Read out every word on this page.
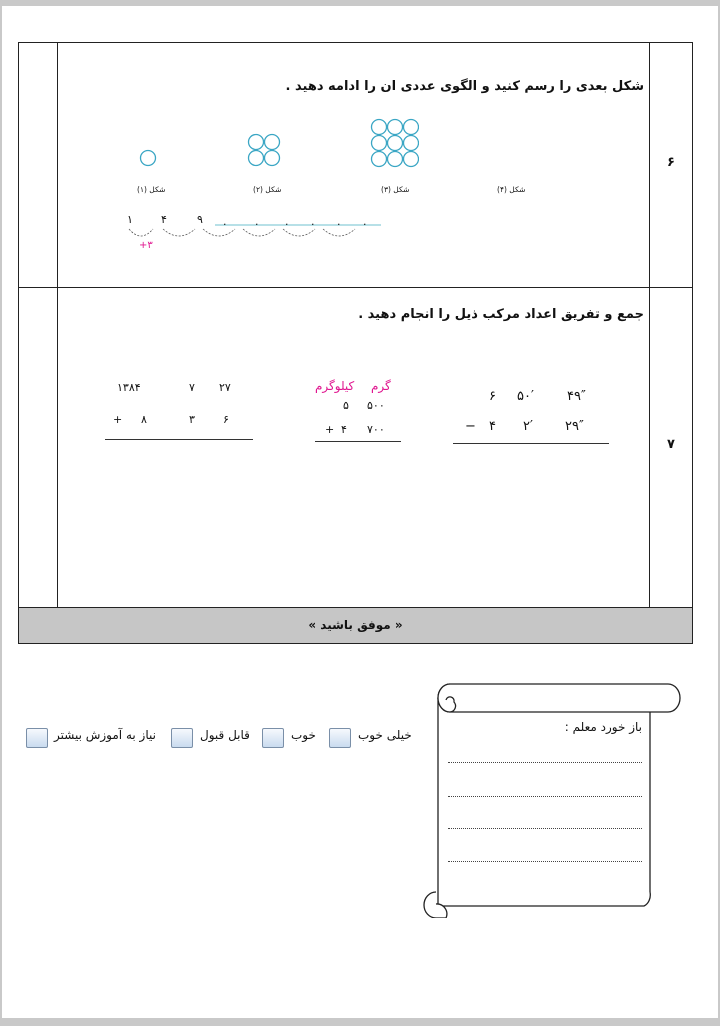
۶
شکل بعدی را رسم کنید و الگوی عددی ان را ادامه دهید .
شکل (۱)	شکل (۲)	شکل (۳)	شکل (۴)
۱	۴	۹ .	. . . . .
+۳
۷
جمع و تفریق اعداد مرکب ذیل را انجام دهید .
۱۳۸۴	۷ ۲۷
+ ۸	۳	۶
کیلوگرم گرم
۵ ۵۰۰
+ ۴ ۷۰۰
۶ ۵۰′	۴۹″
− ۴ ۲′ ۲۹″
« موفق باشید »
باز خورد معلم :
خیلی خوب
خوب
قابل قبول
نیاز به آموزش بیشتر
